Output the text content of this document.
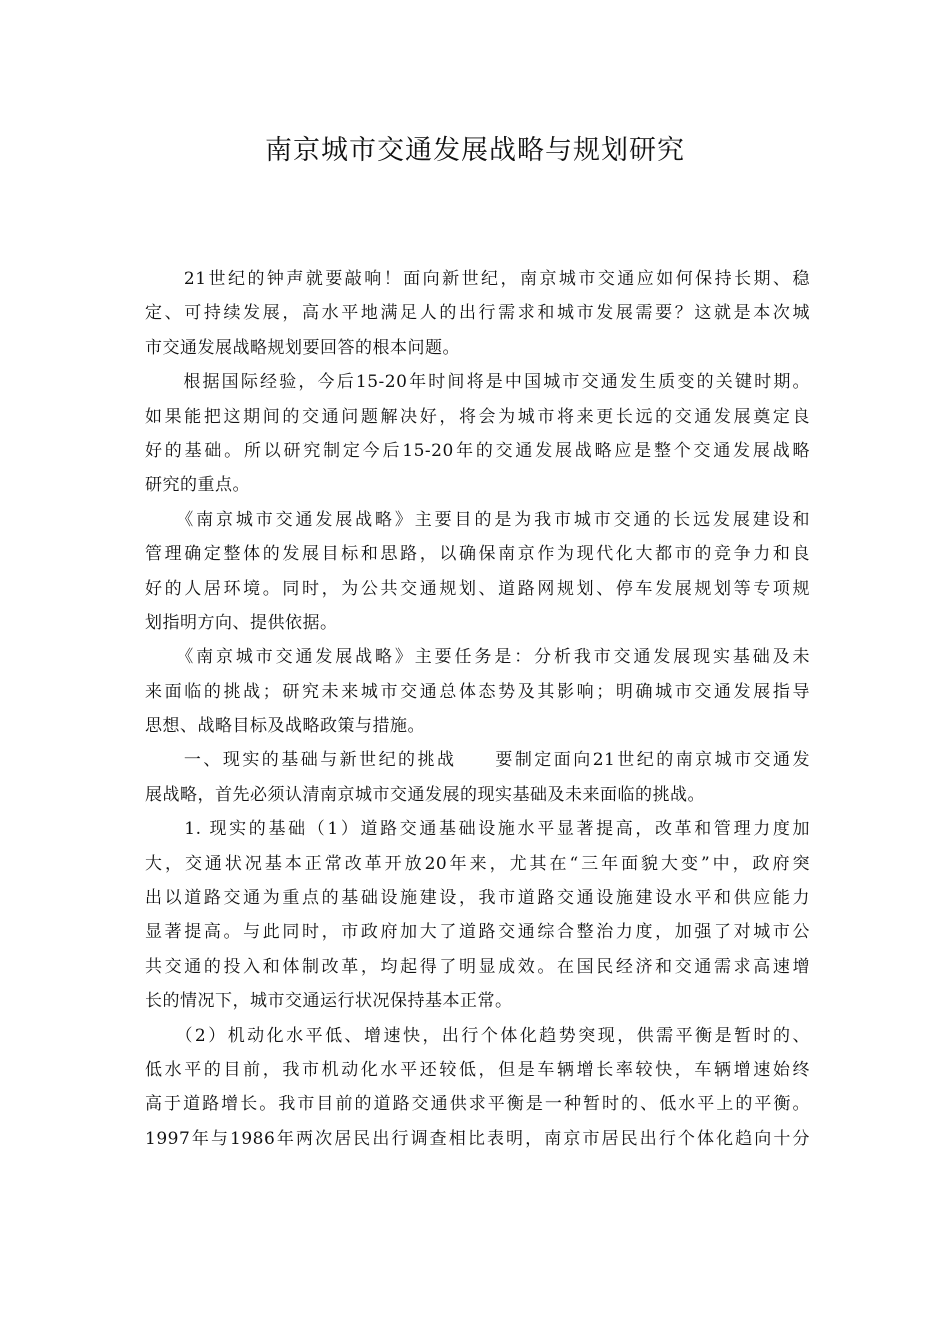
南京城市交通发展战略与规划研究
　　21世纪的钟声就要敲响！面向新世纪，南京城市交通应如何保持长期、稳
定、可持续发展，高水平地满足人的出行需求和城市发展需要？这就是本次城
市交通发展战略规划要回答的根本问题。
　　根据国际经验，今后15-20年时间将是中国城市交通发生质变的关键时期。
如果能把这期间的交通问题解决好，将会为城市将来更长远的交通发展奠定良
好的基础。所以研究制定今后15-20年的交通发展战略应是整个交通发展战略
研究的重点。
　　《南京城市交通发展战略》主要目的是为我市城市交通的长远发展建设和
管理确定整体的发展目标和思路，以确保南京作为现代化大都市的竞争力和良
好的人居环境。同时，为公共交通规划、道路网规划、停车发展规划等专项规
划指明方向、提供依据。
　　《南京城市交通发展战略》主要任务是：分析我市交通发展现实基础及未
来面临的挑战；研究未来城市交通总体态势及其影响；明确城市交通发展指导
思想、战略目标及战略政策与措施。
　　一、现实的基础与新世纪的挑战　　要制定面向21世纪的南京城市交通发
展战略，首先必须认清南京城市交通发展的现实基础及未来面临的挑战。
　　1. 现实的基础（1）道路交通基础设施水平显著提高，改革和管理力度加
大，交通状况基本正常改革开放20年来，尤其在“三年面貌大变”中，政府突
出以道路交通为重点的基础设施建设，我市道路交通设施建设水平和供应能力
显著提高。与此同时，市政府加大了道路交通综合整治力度，加强了对城市公
共交通的投入和体制改革，均起得了明显成效。在国民经济和交通需求高速增
长的情况下，城市交通运行状况保持基本正常。
　　（2）机动化水平低、增速快，出行个体化趋势突现，供需平衡是暂时的、
低水平的目前，我市机动化水平还较低，但是车辆增长率较快，车辆增速始终
高于道路增长。我市目前的道路交通供求平衡是一种暂时的、低水平上的平衡。
1997年与1986年两次居民出行调查相比表明，南京市居民出行个体化趋向十分
